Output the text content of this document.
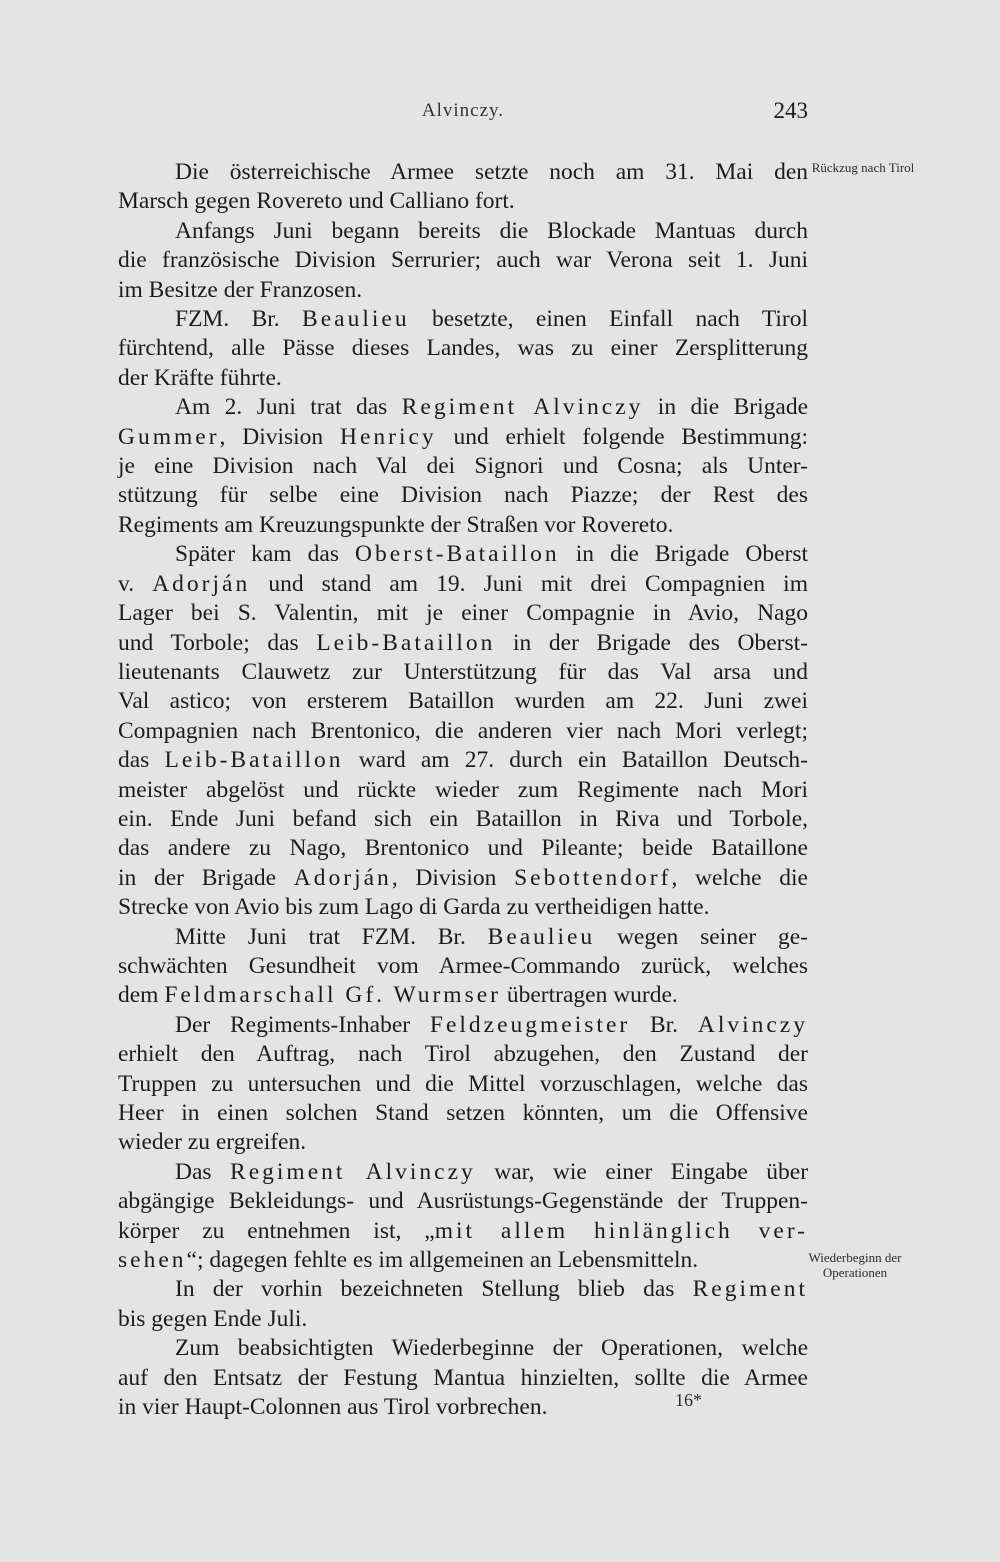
Alvinczy.	243
Rückzug nach Tirol
Wiederbeginn der Operationen
Die österreichische Armee setzte noch am 31. Mai den
Marsch gegen Rovereto und Calliano fort.
Anfangs Juni begann bereits die Blockade Mantuas durch
die französische Division Serrurier; auch war Verona seit 1. Juni
im Besitze der Franzosen.
FZM. Br. Beaulieu besetzte, einen Einfall nach Tirol
fürchtend, alle Pässe dieses Landes, was zu einer Zersplitterung
der Kräfte führte.
Am 2. Juni trat das Regiment Alvinczy in die Brigade
Gummer, Division Henricy und erhielt folgende Bestimmung:
je eine Division nach Val dei Signori und Cosna; als Unter-
stützung für selbe eine Division nach Piazze; der Rest des
Regiments am Kreuzungspunkte der Straßen vor Rovereto.
Später kam das Oberst-Bataillon in die Brigade Oberst
v. Adorján und stand am 19. Juni mit drei Compagnien im
Lager bei S. Valentin, mit je einer Compagnie in Avio, Nago
und Torbole; das Leib-Bataillon in der Brigade des Oberst-
lieutenants Clauwetz zur Unterstützung für das Val arsa und
Val astico; von ersterem Bataillon wurden am 22. Juni zwei
Compagnien nach Brentonico, die anderen vier nach Mori verlegt;
das Leib-Bataillon ward am 27. durch ein Bataillon Deutsch-
meister abgelöst und rückte wieder zum Regimente nach Mori
ein. Ende Juni befand sich ein Bataillon in Riva und Torbole,
das andere zu Nago, Brentonico und Pileante; beide Bataillone
in der Brigade Adorján, Division Sebottendorf, welche die
Strecke von Avio bis zum Lago di Garda zu vertheidigen hatte.
Mitte Juni trat FZM. Br. Beaulieu wegen seiner ge-
schwächten Gesundheit vom Armee-Commando zurück, welches
dem Feldmarschall Gf. Wurmser übertragen wurde.
Der Regiments-Inhaber Feldzeugmeister Br. Alvinczy
erhielt den Auftrag, nach Tirol abzugehen, den Zustand der
Truppen zu untersuchen und die Mittel vorzuschlagen, welche das
Heer in einen solchen Stand setzen könnten, um die Offensive
wieder zu ergreifen.
Das Regiment Alvinczy war, wie einer Eingabe über
abgängige Bekleidungs- und Ausrüstungs-Gegenstände der Truppen-
körper zu entnehmen ist, „mit allem hinlänglich ver-
sehen“; dagegen fehlte es im allgemeinen an Lebensmitteln.
In der vorhin bezeichneten Stellung blieb das Regiment
bis gegen Ende Juli.
Zum beabsichtigten Wiederbeginne der Operationen, welche
auf den Entsatz der Festung Mantua hinzielten, sollte die Armee
in vier Haupt-Colonnen aus Tirol vorbrechen.	16*
